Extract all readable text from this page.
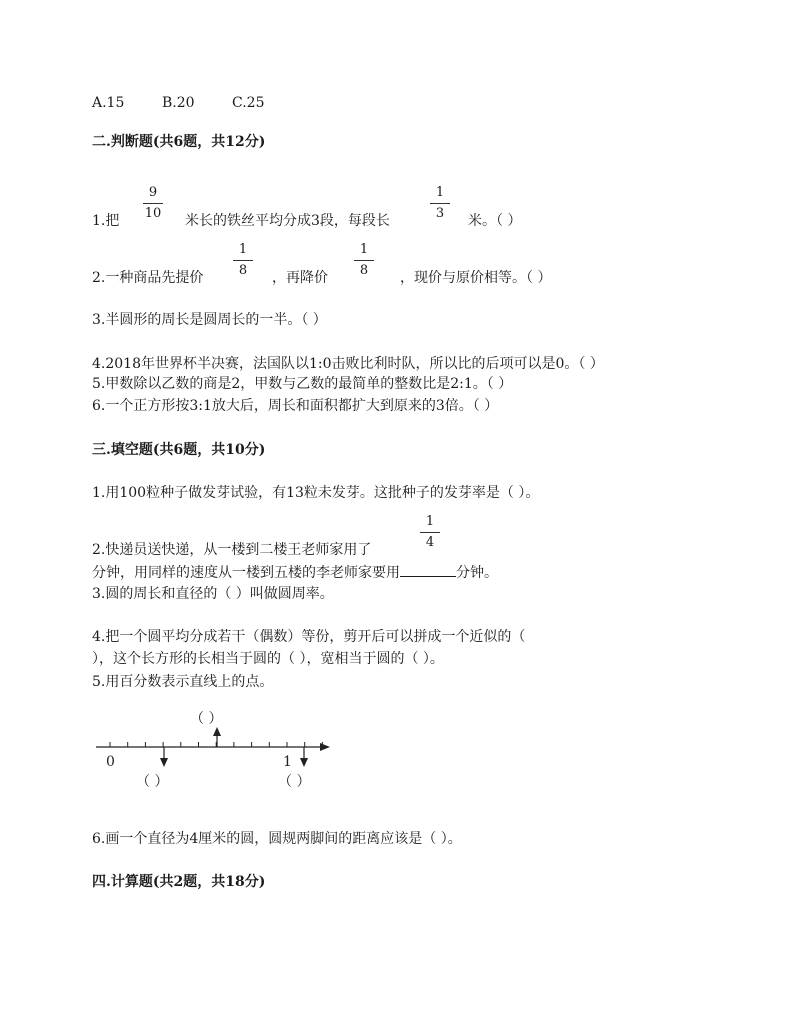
A.15	B.20	C.25
二.判断题(共6题，共12分)
9
10
1
3
1.把	米长的铁丝平均分成3段，每段长	米。（ ）
1
8
1
8
2.一种商品先提价	，再降价	，现价与原价相等。（ ）
3.半圆形的周长是圆周长的一半。（ ）
4.2018年世界杯半决赛，法国队以1:0击败比利时队，所以比的后项可以是0。（ ）
5.甲数除以乙数的商是2，甲数与乙数的最简单的整数比是2:1。（ ）
6.一个正方形按3:1放大后，周长和面积都扩大到原来的3倍。（ ）
三.填空题(共6题，共10分)
1.用100粒种子做发芽试验，有13粒未发芽。这批种子的发芽率是（ ）。
1
4
2.快递员送快递，从一楼到二楼王老师家用了
分钟，用同样的速度从一楼到五楼的李老师家要用	分钟。
3.圆的周长和直径的（ ）叫做圆周率。
4.把一个圆平均分成若干（偶数）等份，剪开后可以拼成一个近似的（
），这个长方形的长相当于圆的（ ），宽相当于圆的（ ）。
5.用百分数表示直线上的点。
（ ）
0	1
（ ）	（ ）
6.画一个直径为4厘米的圆，圆规两脚间的距离应该是（ ）。
四.计算题(共2题，共18分)
